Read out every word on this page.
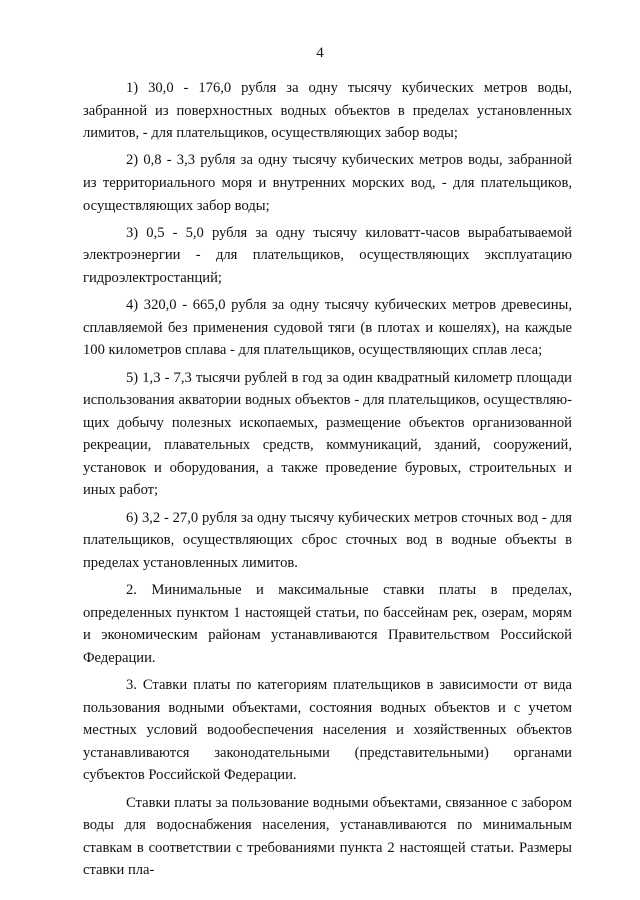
4

1) 30,0 - 176,0 рубля за одну тысячу кубических метров воды, забранной из поверхностных водных объектов в пределах установленных лимитов, - для плательщиков, осуществляющих забор воды;

2) 0,8 - 3,3 рубля за одну тысячу кубических метров воды, забранной из территориального моря и внутренних морских вод, - для плательщиков, осуществляющих забор воды;

3) 0,5 - 5,0 рубля за одну тысячу киловатт-часов вырабатываемой электроэнергии - для плательщиков, осуществляющих эксплуатацию гидроэлектростанций;

4) 320,0 - 665,0 рубля за одну тысячу кубических метров древесины, сплавляемой без применения судовой тяги (в плотах и кошелях), на каждые 100 километров сплава - для плательщиков, осуществляющих сплав леса;

5) 1,3 - 7,3 тысячи рублей в год за один квадратный километр площади использования акватории водных объектов - для плательщиков, осуществляющих добычу полезных ископаемых, размещение объектов организованной рекреации, плавательных средств, коммуникаций, зданий, сооружений, установок и оборудования, а также проведение буровых, строительных и иных работ;

6) 3,2 - 27,0 рубля за одну тысячу кубических метров сточных вод - для плательщиков, осуществляющих сброс сточных вод в водные объекты в пределах установленных лимитов.

2. Минимальные и максимальные ставки платы в пределах, определенных пунктом 1 настоящей статьи, по бассейнам рек, озерам, морям и экономическим районам устанавливаются Правительством Российской Федерации.

3. Ставки платы по категориям плательщиков в зависимости от вида пользования водными объектами, состояния водных объектов и с учетом местных условий водообеспечения населения и хозяйственных объектов устанавливаются законодательными (представительными) органами субъектов Российской Федерации.

Ставки платы за пользование водными объектами, связанное с забором воды для водоснабжения населения, устанавливаются по минимальным ставкам в соответствии с требованиями пункта 2 настоящей статьи. Размеры ставки пла-
